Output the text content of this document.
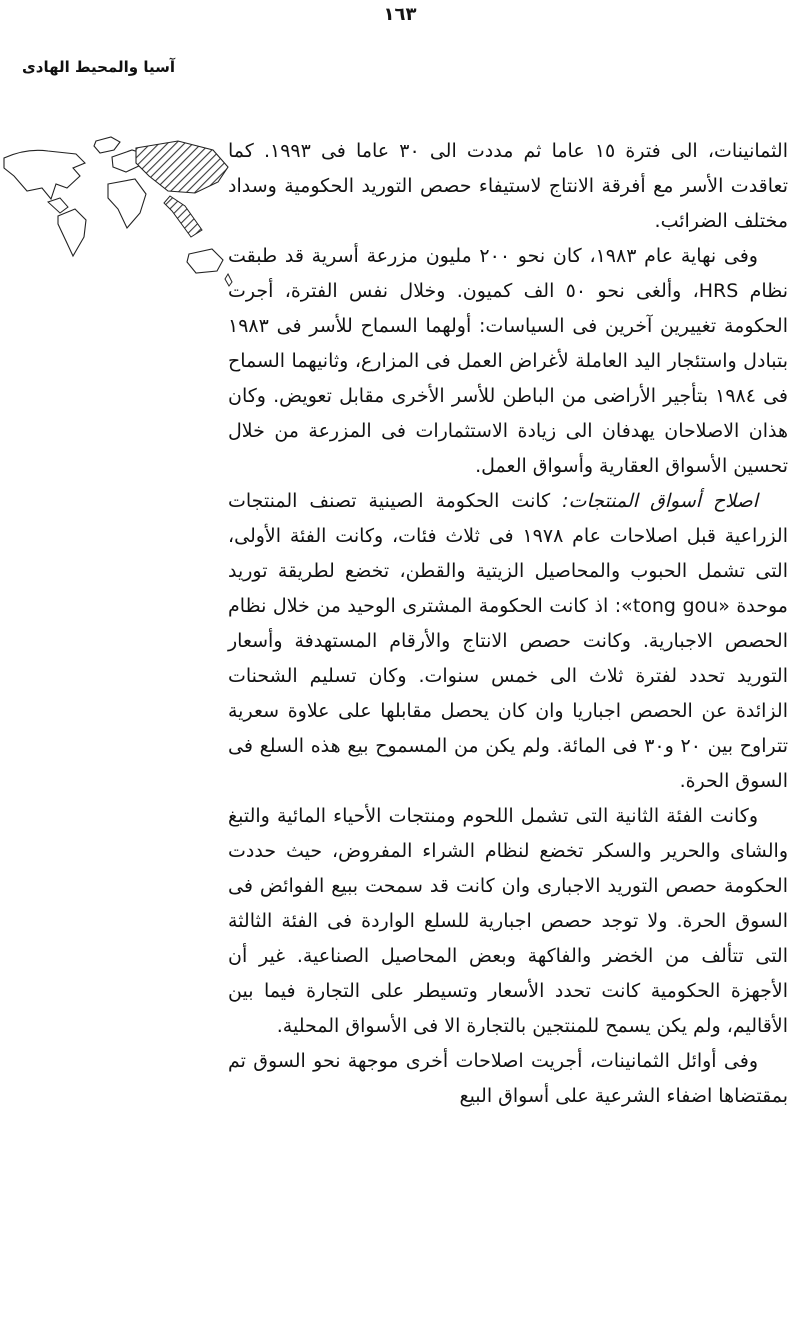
١٦٣
آسيا والمحيط الهادى

الثمانينات، الى فترة ١٥ عاما ثم مددت الى ٣٠ عاما فى ١٩٩٣. كما تعاقدت الأسر مع أفرقة الانتاج لاستيفاء حصص التوريد الحكومية وسداد مختلف الضرائب.

وفى نهاية عام ١٩٨٣، كان نحو ٢٠٠ مليون مزرعة أسرية قد طبقت نظام HRS، وألغى نحو ٥٠ الف كميون. وخلال نفس الفترة، أجرت الحكومة تغييرين آخرين فى السياسات: أولهما السماح للأسر فى ١٩٨٣ بتبادل واستئجار اليد العاملة لأغراض العمل فى المزارع، وثانيهما السماح فى ١٩٨٤ بتأجير الأراضى من الباطن للأسر الأخرى مقابل تعويض. وكان هذان الاصلاحان يهدفان الى زيادة الاستثمارات فى المزرعة من خلال تحسين الأسواق العقارية وأسواق العمل.

اصلاح أسواق المنتجات: كانت الحكومة الصينية تصنف المنتجات الزراعية قبل اصلاحات عام ١٩٧٨ فى ثلاث فئات، وكانت الفئة الأولى، التى تشمل الحبوب والمحاصيل الزيتية والقطن، تخضع لطريقة توريد موحدة «tong gou»: اذ كانت الحكومة المشترى الوحيد من خلال نظام الحصص الاجبارية. وكانت حصص الانتاج والأرقام المستهدفة وأسعار التوريد تحدد لفترة ثلاث الى خمس سنوات. وكان تسليم الشحنات الزائدة عن الحصص اجباريا وان كان يحصل مقابلها على علاوة سعرية تتراوح بين ٢٠ و٣٠ فى المائة. ولم يكن من المسموح بيع هذه السلع فى السوق الحرة.

وكانت الفئة الثانية التى تشمل اللحوم ومنتجات الأحياء المائية والتبغ والشاى والحرير والسكر تخضع لنظام الشراء المفروض، حيث حددت الحكومة حصص التوريد الاجبارى وان كانت قد سمحت ببيع الفوائض فى السوق الحرة. ولا توجد حصص اجبارية للسلع الواردة فى الفئة الثالثة التى تتألف من الخضر والفاكهة وبعض المحاصيل الصناعية. غير أن الأجهزة الحكومية كانت تحدد الأسعار وتسيطر على التجارة فيما بين الأقاليم، ولم يكن يسمح للمنتجين بالتجارة الا فى الأسواق المحلية.

وفى أوائل الثمانينات، أجريت اصلاحات أخرى موجهة نحو السوق تم بمقتضاها اضفاء الشرعية على أسواق البيع
